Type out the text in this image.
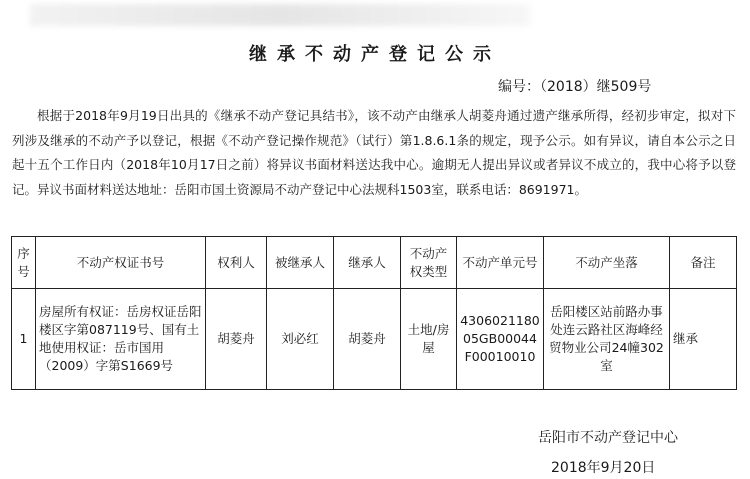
继承不动产登记公示
编号：（2018）继509号
根据于2018年9月19日出具的《继承不动产登记具结书》，该不动产由继承人胡菱舟通过遗产继承所得，经初步审定，拟对下列涉及继承的不动产予以登记，根据《不动产登记操作规范》（试行）第1.8.6.1条的规定，现予公示。如有异议，请自本公示之日起十五个工作日内（2018年10月17日之前）将异议书面材料送达我中心。逾期无人提出异议或者异议不成立的，我中心将予以登记。异议书面材料送达地址：岳阳市国土资源局不动产登记中心法规科1503室，联系电话：8691971。
序号	不动产权证书号	权利人	被继承人	继承人	不动产权类型	不动产单元号	不动产坐落	备注
1	房屋所有权证：岳房权证岳阳楼区字第087119号、国有土地使用权证：岳市国用（2009）字第S1669号	胡菱舟	刘必红	胡菱舟	土地/房屋	430602118005GB00044F00010010	岳阳楼区站前路办事处连云路社区海峰经贸物业公司24幢302室	继承
岳阳市不动产登记中心
2018年9月20日
